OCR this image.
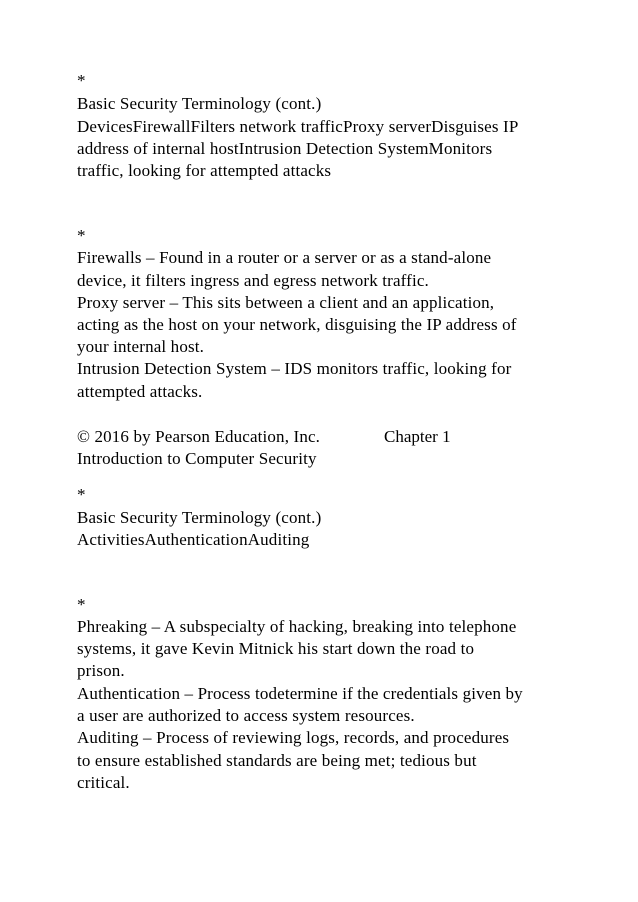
*
Basic Security Terminology (cont.)
DevicesFirewallFilters network trafficProxy serverDisguises IP
address of internal hostIntrusion Detection SystemMonitors
traffic, looking for attempted attacks
*
Firewalls – Found in a router or a server or as a stand-alone
device, it filters ingress and egress network traffic.
Proxy server – This sits between a client and an application,
acting as the host on your network, disguising the IP address of
your internal host.
Intrusion Detection System – IDS monitors traffic, looking for
attempted attacks.
© 2016 by Pearson Education, Inc.	Chapter 1
Introduction to Computer Security
*
Basic Security Terminology (cont.)
ActivitiesAuthenticationAuditing
*
Phreaking – A subspecialty of hacking, breaking into telephone
systems, it gave Kevin Mitnick his start down the road to
prison.
Authentication – Process todetermine if the credentials given by
a user are authorized to access system resources.
Auditing – Process of reviewing logs, records, and procedures
to ensure established standards are being met; tedious but
critical.
